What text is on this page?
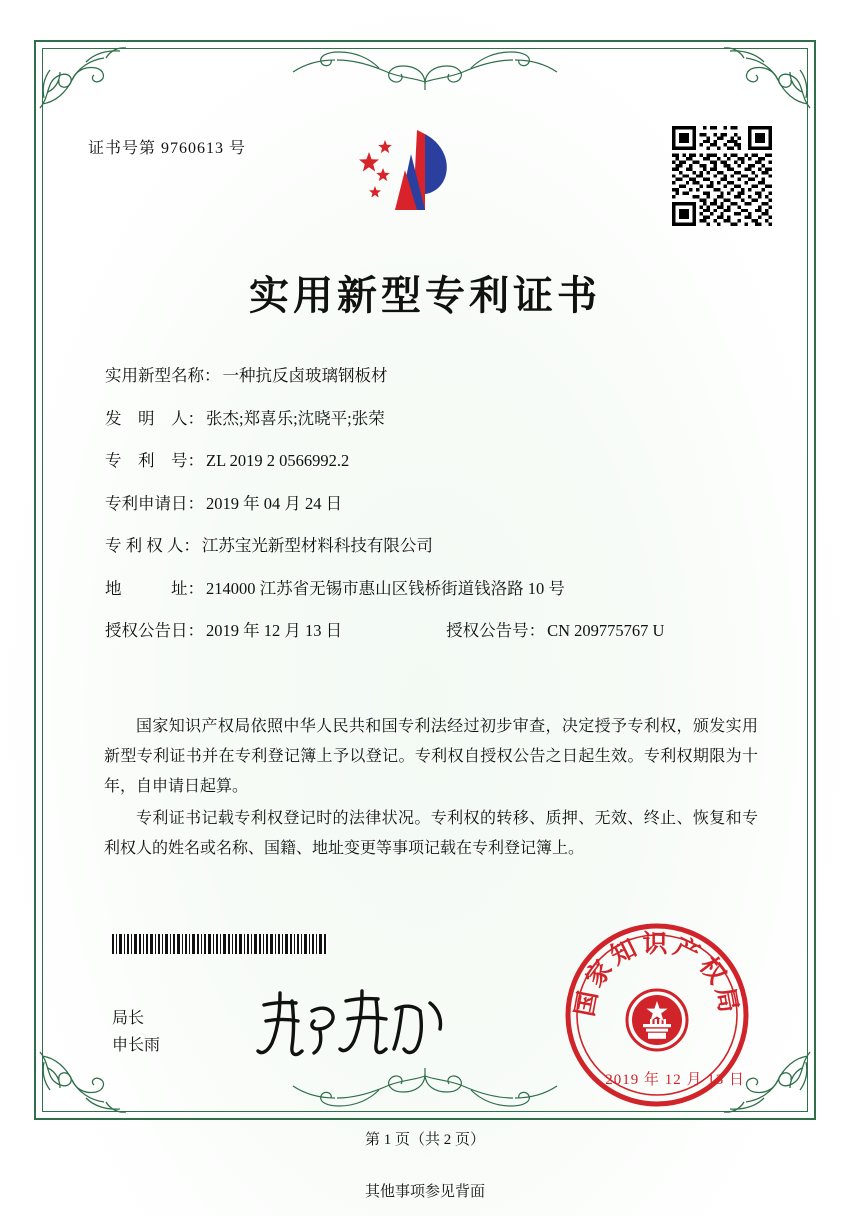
证书号第 9760613 号
实用新型专利证书
实用新型名称： 一种抗反卤玻璃钢板材
发　明　人： 张杰;郑喜乐;沈晓平;张荣
专　利　号： ZL 2019 2 0566992.2
专利申请日： 2019 年 04 月 24 日
专 利 权 人： 江苏宝光新型材料科技有限公司
地　　　址： 214000 江苏省无锡市惠山区钱桥街道钱洛路 10 号
授权公告日： 2019 年 12 月 13 日	授权公告号： CN 209775767 U

国家知识产权局依照中华人民共和国专利法经过初步审查，决定授予专利权，颁发实用新型专利证书并在专利登记簿上予以登记。专利权自授权公告之日起生效。专利权期限为十年，自申请日起算。

专利证书记载专利权登记时的法律状况。专利权的转移、质押、无效、终止、恢复和专利权人的姓名或名称、国籍、地址变更等事项记载在专利登记簿上。

局长
申长雨
国家知识产权局
2019 年 12 月 13 日
第 1 页（共 2 页）
其他事项参见背面
